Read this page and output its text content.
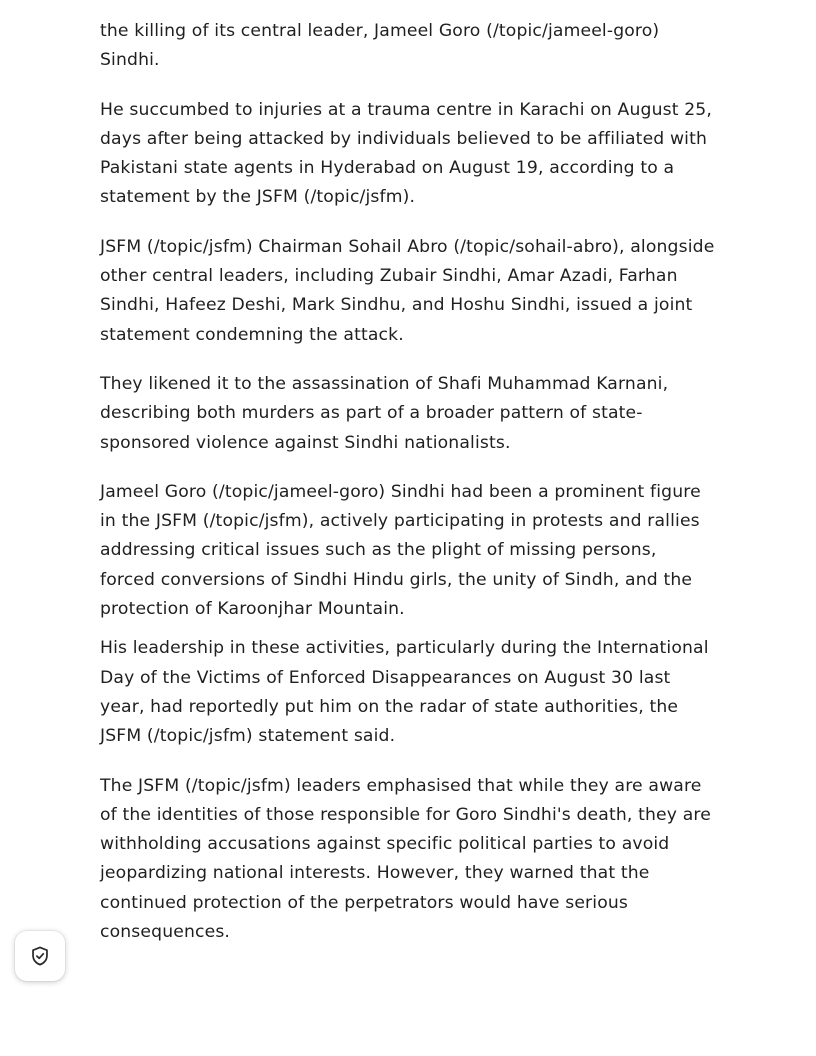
the killing of its central leader, Jameel Goro (/topic/jameel-goro) Sindhi.

He succumbed to injuries at a trauma centre in Karachi on August 25, days after being attacked by individuals believed to be affiliated with Pakistani state agents in Hyderabad on August 19, according to a statement by the JSFM (/topic/jsfm).

JSFM (/topic/jsfm) Chairman Sohail Abro (/topic/sohail-abro), alongside other central leaders, including Zubair Sindhi, Amar Azadi, Farhan Sindhi, Hafeez Deshi, Mark Sindhu, and Hoshu Sindhi, issued a joint statement condemning the attack.

They likened it to the assassination of Shafi Muhammad Karnani, describing both murders as part of a broader pattern of state-sponsored violence against Sindhi nationalists.

Jameel Goro (/topic/jameel-goro) Sindhi had been a prominent figure in the JSFM (/topic/jsfm), actively participating in protests and rallies addressing critical issues such as the plight of missing persons, forced conversions of Sindhi Hindu girls, the unity of Sindh, and the protection of Karoonjhar Mountain.

His leadership in these activities, particularly during the International Day of the Victims of Enforced Disappearances on August 30 last year, had reportedly put him on the radar of state authorities, the JSFM (/topic/jsfm) statement said.

The JSFM (/topic/jsfm) leaders emphasised that while they are aware of the identities of those responsible for Goro Sindhi's death, they are withholding accusations against specific political parties to avoid jeopardizing national interests. However, they warned that the continued protection of the perpetrators would have serious consequences.
